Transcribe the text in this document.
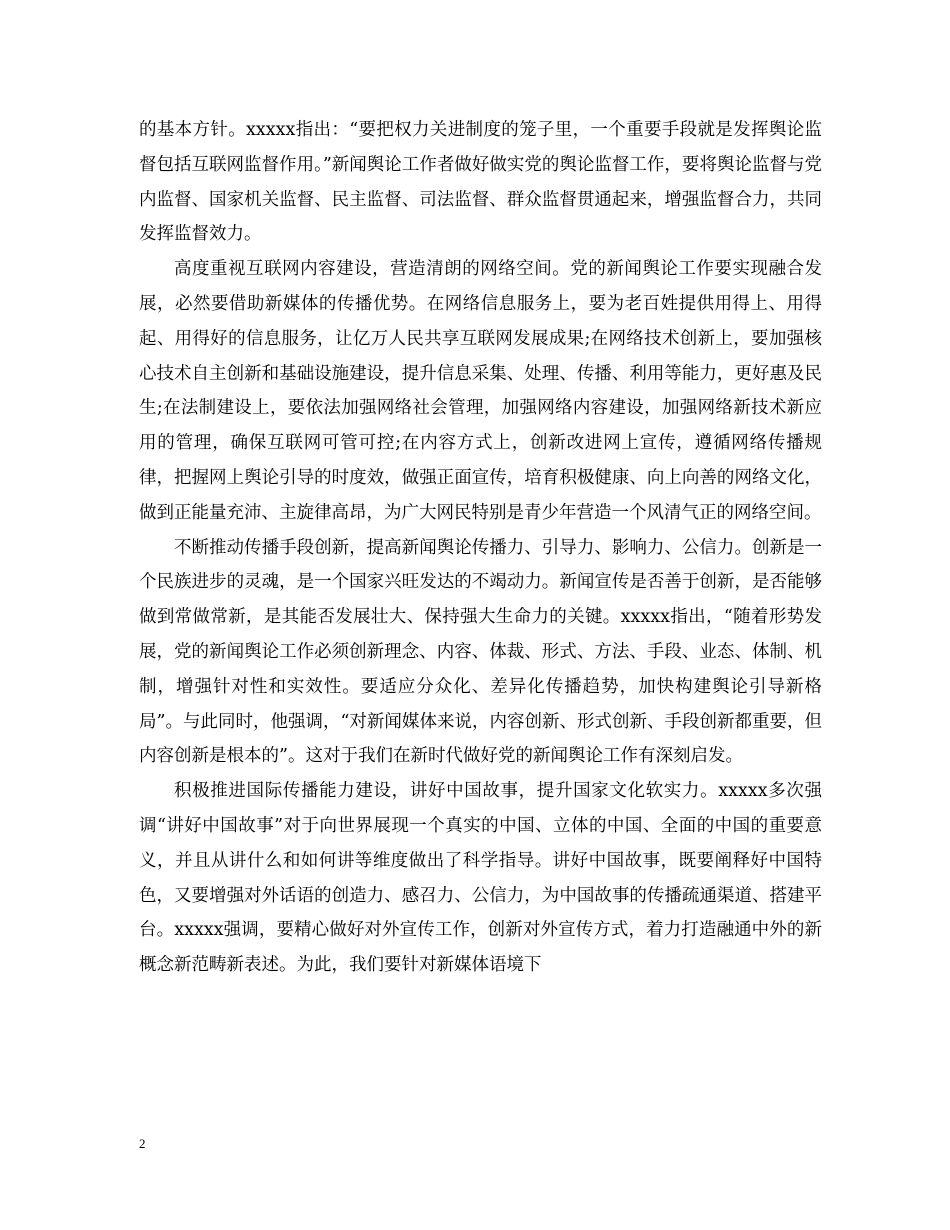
的基本方针。xxxxx指出：“要把权力关进制度的笼子里，一个重要手段就是发挥舆论监督包括互联网监督作用。”新闻舆论工作者做好做实党的舆论监督工作，要将舆论监督与党内监督、国家机关监督、民主监督、司法监督、群众监督贯通起来，增强监督合力，共同发挥监督效力。

高度重视互联网内容建设，营造清朗的网络空间。党的新闻舆论工作要实现融合发展，必然要借助新媒体的传播优势。在网络信息服务上，要为老百姓提供用得上、用得起、用得好的信息服务，让亿万人民共享互联网发展成果;在网络技术创新上，要加强核心技术自主创新和基础设施建设，提升信息采集、处理、传播、利用等能力，更好惠及民生;在法制建设上，要依法加强网络社会管理，加强网络内容建设，加强网络新技术新应用的管理，确保互联网可管可控;在内容方式上，创新改进网上宣传，遵循网络传播规律，把握网上舆论引导的时度效，做强正面宣传，培育积极健康、向上向善的网络文化，做到正能量充沛、主旋律高昂，为广大网民特别是青少年营造一个风清气正的网络空间。

不断推动传播手段创新，提高新闻舆论传播力、引导力、影响力、公信力。创新是一个民族进步的灵魂，是一个国家兴旺发达的不竭动力。新闻宣传是否善于创新，是否能够做到常做常新，是其能否发展壮大、保持强大生命力的关键。xxxxx指出，“随着形势发展，党的新闻舆论工作必须创新理念、内容、体裁、形式、方法、手段、业态、体制、机制，增强针对性和实效性。要适应分众化、差异化传播趋势，加快构建舆论引导新格局”。与此同时，他强调，“对新闻媒体来说，内容创新、形式创新、手段创新都重要，但内容创新是根本的”。这对于我们在新时代做好党的新闻舆论工作有深刻启发。

积极推进国际传播能力建设，讲好中国故事，提升国家文化软实力。xxxxx多次强调“讲好中国故事”对于向世界展现一个真实的中国、立体的中国、全面的中国的重要意义，并且从讲什么和如何讲等维度做出了科学指导。讲好中国故事，既要阐释好中国特色，又要增强对外话语的创造力、感召力、公信力，为中国故事的传播疏通渠道、搭建平台。xxxxx强调，要精心做好对外宣传工作，创新对外宣传方式，着力打造融通中外的新概念新范畴新表述。为此，我们要针对新媒体语境下

2
